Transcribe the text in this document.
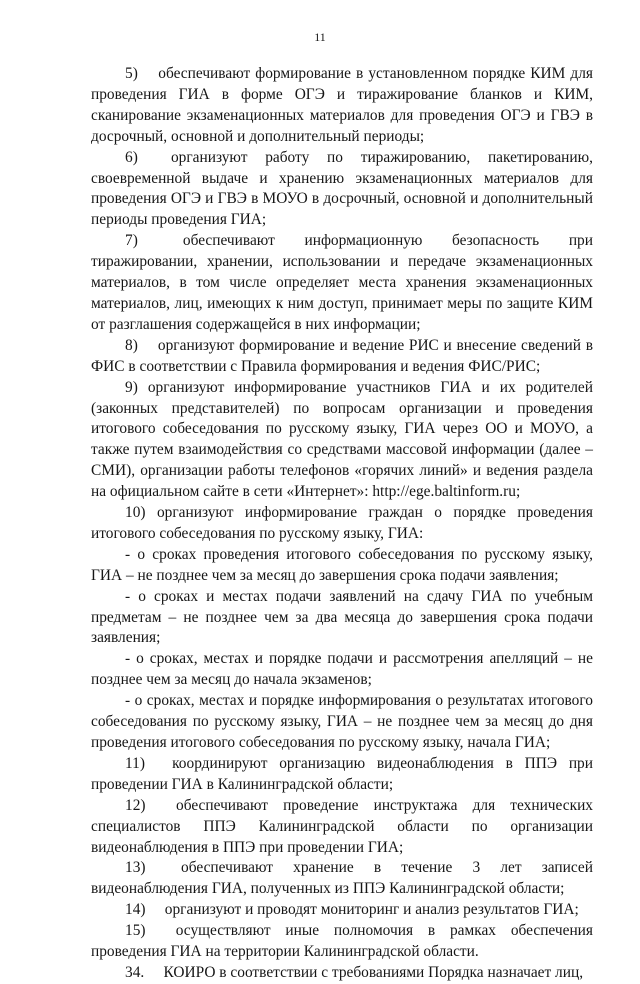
11

5)  обеспечивают формирование в установленном порядке КИМ для проведения ГИА в форме ОГЭ и тиражирование бланков и КИМ, сканирование экзаменационных материалов для проведения ОГЭ и ГВЭ в досрочный, основной и дополнительный периоды;

6)  организуют работу по тиражированию, пакетированию, своевременной выдаче и хранению экзаменационных материалов для проведения ОГЭ и ГВЭ в МОУО в досрочный, основной и дополнительный периоды проведения ГИА;

7)  обеспечивают информационную безопасность при тиражировании, хранении, использовании и передаче экзаменационных материалов, в том числе определяет места хранения экзаменационных материалов, лиц, имеющих к ним доступ, принимает меры по защите КИМ от разглашения содержащейся в них информации;

8)  организуют формирование и ведение РИС и внесение сведений в ФИС в соответствии с Правила формирования и ведения ФИС/РИС;

9) организуют информирование участников ГИА и их родителей (законных представителей) по вопросам организации и проведения итогового собеседования по русскому языку, ГИА через ОО и МОУО, а также путем взаимодействия со средствами массовой информации (далее – СМИ), организации работы телефонов «горячих линий» и ведения раздела на официальном сайте в сети «Интернет»: http://ege.baltinform.ru;

10) организуют информирование граждан о порядке проведения итогового собеседования по русскому языку, ГИА:

- о сроках проведения итогового собеседования по русскому языку, ГИА – не позднее чем за месяц до завершения срока подачи заявления;

- о сроках и местах подачи заявлений на сдачу ГИА по учебным предметам – не позднее чем за два месяца до завершения срока подачи заявления;

- о сроках, местах и порядке подачи и рассмотрения апелляций – не позднее чем за месяц до начала экзаменов;

- о сроках, местах и порядке информирования о результатах итогового собеседования по русскому языку, ГИА – не позднее чем за месяц до дня проведения итогового собеседования по русскому языку, начала ГИА;

11)  координируют организацию видеонаблюдения в ППЭ при проведении ГИА в Калининградской области;

12)  обеспечивают проведение инструктажа для технических специалистов ППЭ Калининградской области по организации видеонаблюдения в ППЭ при проведении ГИА;

13)  обеспечивают хранение в течение 3 лет записей видеонаблюдения ГИА, полученных из ППЭ Калининградской области;

14)  организуют и проводят мониторинг и анализ результатов ГИА;

15)  осуществляют иные полномочия в рамках обеспечения проведения ГИА на территории Калининградской области.

34.  КОИРО в соответствии с требованиями Порядка назначает лиц,
